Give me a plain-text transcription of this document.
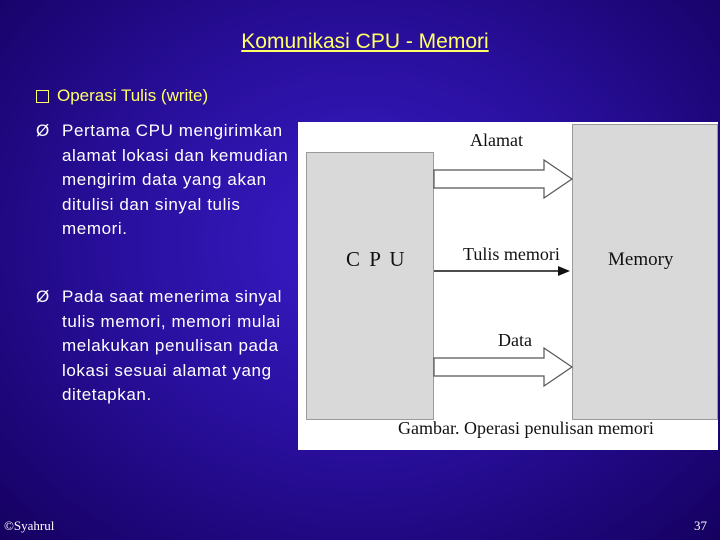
Komunikasi CPU - Memori
Operasi Tulis (write)
Ø Pertama CPU mengirimkan alamat lokasi dan kemudian mengirim data yang akan ditulisi dan sinyal tulis memori.
Ø Pada saat menerima sinyal tulis memori, memori mulai melakukan penulisan pada lokasi sesuai alamat yang ditetapkan.
C P U	Memory
Alamat
Tulis memori
Data
Gambar. Operasi penulisan memori
©Syahrul	37
